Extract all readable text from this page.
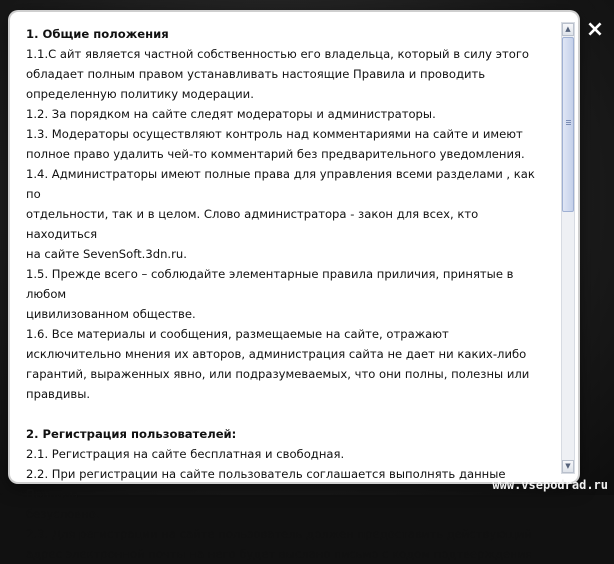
1. Общие положения

1.1.С айт является частной собственностью его владельца, который в силу этого

обладает полным правом устанавливать настоящие Правила и проводить

определенную политику модерации.

1.2. За порядком на сайте следят модераторы и администраторы.

1.3. Модераторы осуществляют контроль над комментариями на сайте и имеют

полное право удалить чей-то комментарий без предварительного уведомления.

1.4. Администраторы имеют полные права для управления всеми разделами , как по

отдельности, так и в целом. Слово администратора - закон для всех, кто находиться

на сайте SevenSoft.3dn.ru.

1.5. Прежде всего – соблюдайте элементарные правила приличия, принятые в любом

цивилизованном обществе.

1.6. Все материалы и сообщения, размещаемые на сайте, отражают

исключительно мнения их авторов, администрация сайта не дает ни каких-либо

гарантий, выраженных явно, или подразумеваемых, что они полны, полезны или

правдивы.

2. Регистрация пользователей:

2.1. Регистрация на сайте бесплатная и свободная.

2.2. При регистрации на сайте пользователь соглашается выполнять данные Правила

безусловно.

2.3. Для регистрации на сайте пользователь должен предоставить действующий

адрес электронной почты на него будет выслано письмо с кодом подтверждения

▲
▼
×
www.vsepodrad.ru
